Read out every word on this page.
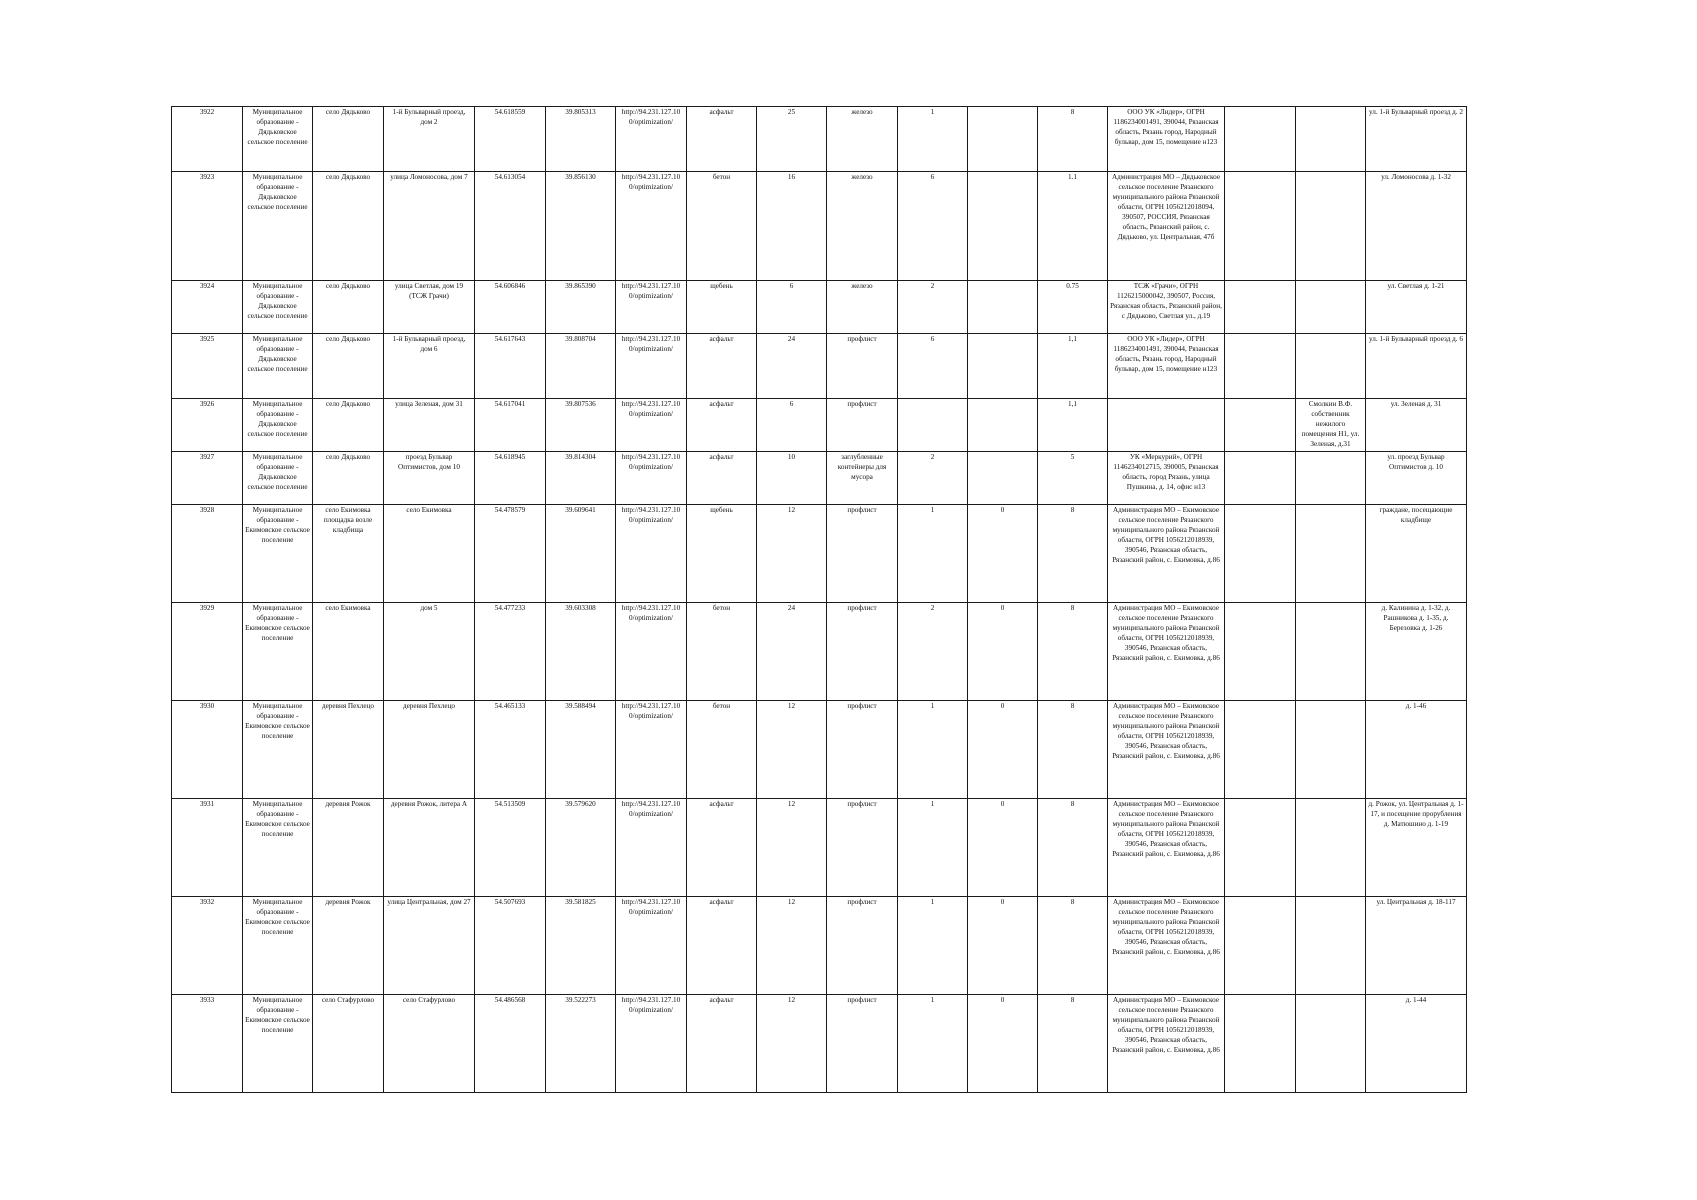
3922	Муниципальное образование - Дядьковское сельское поселение	село Дядьково	1-й Бульварный проезд, дом 2	54.618559	39.805313	http://94.231.127.10 0/optimization/	асфальт	25	железо	1		8	ООО УК «Лидер», ОГРН 1186234001491, 390044, Рязанская область, Рязань город, Народный бульвар, дом 15, помещение н123			ул. 1-й Бульварный проезд д. 2
3923	Муниципальное образование - Дядьковское сельское поселение	село Дядьково	улица Ломоносова, дом 7	54.613054	39.856130	http://94.231.127.10 0/optimization/	бетон	16	железо	6		1.1	Администрация МО – Дядьковское сельское поселение Рязанского муниципального района Рязанской области, ОГРН 1056212018094, 390507, РОССИЯ, Рязанская область, Рязанский район, с. Дядьково, ул. Центральная, 47б			ул. Ломоносова д. 1-32
3924	Муниципальное образование - Дядьковское сельское поселение	село Дядьково	улица Светлая, дом 19 (ТСЖ Грачи)	54.606846	39.865390	http://94.231.127.10 0/optimization/	щебень	6	железо	2		0.75	ТСЖ «Грачи», ОГРН 1126215000042, 390507, Россия, Рязанская область, Рязанский район, с Дядьково, Светлая ул., д.19			ул. Светлая д. 1-21
3925	Муниципальное образование - Дядьковское сельское поселение	село Дядьково	1-й Бульварный проезд, дом 6	54.617643	39.808704	http://94.231.127.10 0/optimization/	асфальт	24	профлист	6		1,1	ООО УК «Лидер», ОГРН 1186234001491, 390044, Рязанская область, Рязань город, Народный бульвар, дом 15, помещение н123			ул. 1-й Бульварный проезд д. 6
3926	Муниципальное образование - Дядьковское сельское поселение	село Дядьково	улица Зеленая, дом 31	54.617041	39.807536	http://94.231.127.10 0/optimization/	асфальт	6	профлист			1,1			Смолкин В.Ф. собственник нежилого помещения Н1, ул. Зеленая, д.31	ул. Зеленая д. 31
3927	Муниципальное образование - Дядьковское сельское поселение	село Дядьково	проезд Бульвар Оптимистов, дом 10	54.618945	39.814304	http://94.231.127.10 0/optimization/	асфальт	10	заглубленные контейнеры для мусора	2		5	УК «Меркурий», ОГРН 1146234012715, 390005, Рязанская область, город Рязань, улица Пушкина, д. 14, офис н13			ул. проезд Бульвар Оптимистов д. 10
3928	Муниципальное образование - Екимовское сельское поселение	село Екимовка площадка возле кладбища	село Екимовка	54.478579	39.609641	http://94.231.127.10 0/optimization/	щебень	12	профлист	1	0	8	Администрация МО – Екимовское сельское поселение Рязанского муниципального района Рязанской области, ОГРН 1056212018939, 390546, Рязанская область, Рязанский район, с. Екимовка, д.86			граждане, посещающие кладбище
3929	Муниципальное образование - Екимовское сельское поселение	село Екимовка	дом 5	54.477233	39.603308	http://94.231.127.10 0/optimization/	бетон	24	профлист	2	0	8	Администрация МО – Екимовское сельское поселение Рязанского муниципального района Рязанской области, ОГРН 1056212018939, 390546, Рязанская область, Рязанский район, с. Екимовка, д.86			д. Калинина д. 1-32, д. Рашникова д. 1-35, д. Березовка д. 1-26
3930	Муниципальное образование - Екимовское сельское поселение	деревня Пехлецо	деревня Пехлецо	54.465133	39.588494	http://94.231.127.10 0/optimization/	бетон	12	профлист	1	0	8	Администрация МО – Екимовское сельское поселение Рязанского муниципального района Рязанской области, ОГРН 1056212018939, 390546, Рязанская область, Рязанский район, с. Екимовка, д.86			д. 1-46
3931	Муниципальное образование - Екимовское сельское поселение	деревня Рожок	деревня Рожок, литера А	54.513509	39.579620	http://94.231.127.10 0/optimization/	асфальт	12	профлист	1	0	8	Администрация МО – Екимовское сельское поселение Рязанского муниципального района Рязанской области, ОГРН 1056212018939, 390546, Рязанская область, Рязанский район, с. Екимовка, д.86			д. Рожок, ул. Центральная д. 1-17, и посещение прорубления д. Матюшино д. 1-19
3932	Муниципальное образование - Екимовское сельское поселение	деревня Рожок	улица Центральная, дом 27	54.507693	39.581825	http://94.231.127.10 0/optimization/	асфальт	12	профлист	1	0	8	Администрация МО – Екимовское сельское поселение Рязанского муниципального района Рязанской области, ОГРН 1056212018939, 390546, Рязанская область, Рязанский район, с. Екимовка, д.86			ул. Центральная д. 18-117
3933	Муниципальное образование - Екимовское сельское поселение	село Стафурлово	село Стафурлово	54.486568	39.522273	http://94.231.127.10 0/optimization/	асфальт	12	профлист	1	0	8	Администрация МО – Екимовское сельское поселение Рязанского муниципального района Рязанской области, ОГРН 1056212018939, 390546, Рязанская область, Рязанский район, с. Екимовка, д.86			д. 1-44
